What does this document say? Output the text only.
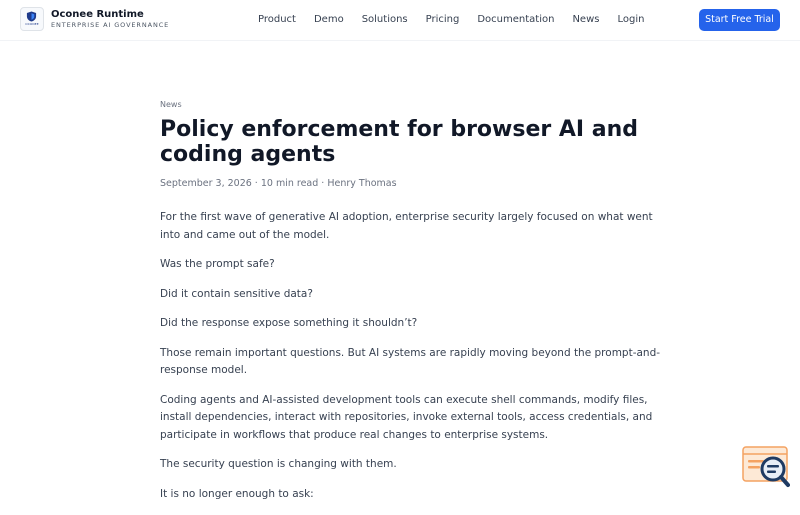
OCONEE
Oconee Runtime
ENTERPRISE AI GOVERNANCE	Product Demo Solutions Pricing Documentation News Login	Start Free Trial
News
Policy enforcement for browser AI and
coding agents
September 3, 2026 · 10 min read · Henry Thomas

For the first wave of generative AI adoption, enterprise security largely focused on what went
into and came out of the model.

Was the prompt safe?

Did it contain sensitive data?

Did the response expose something it shouldn’t?

Those remain important questions. But AI systems are rapidly moving beyond the prompt-and-
response model.

Coding agents and AI-assisted development tools can execute shell commands, modify files,
install dependencies, interact with repositories, invoke external tools, access credentials, and
participate in workflows that produce real changes to enterprise systems.

The security question is changing with them.

It is no longer enough to ask:
